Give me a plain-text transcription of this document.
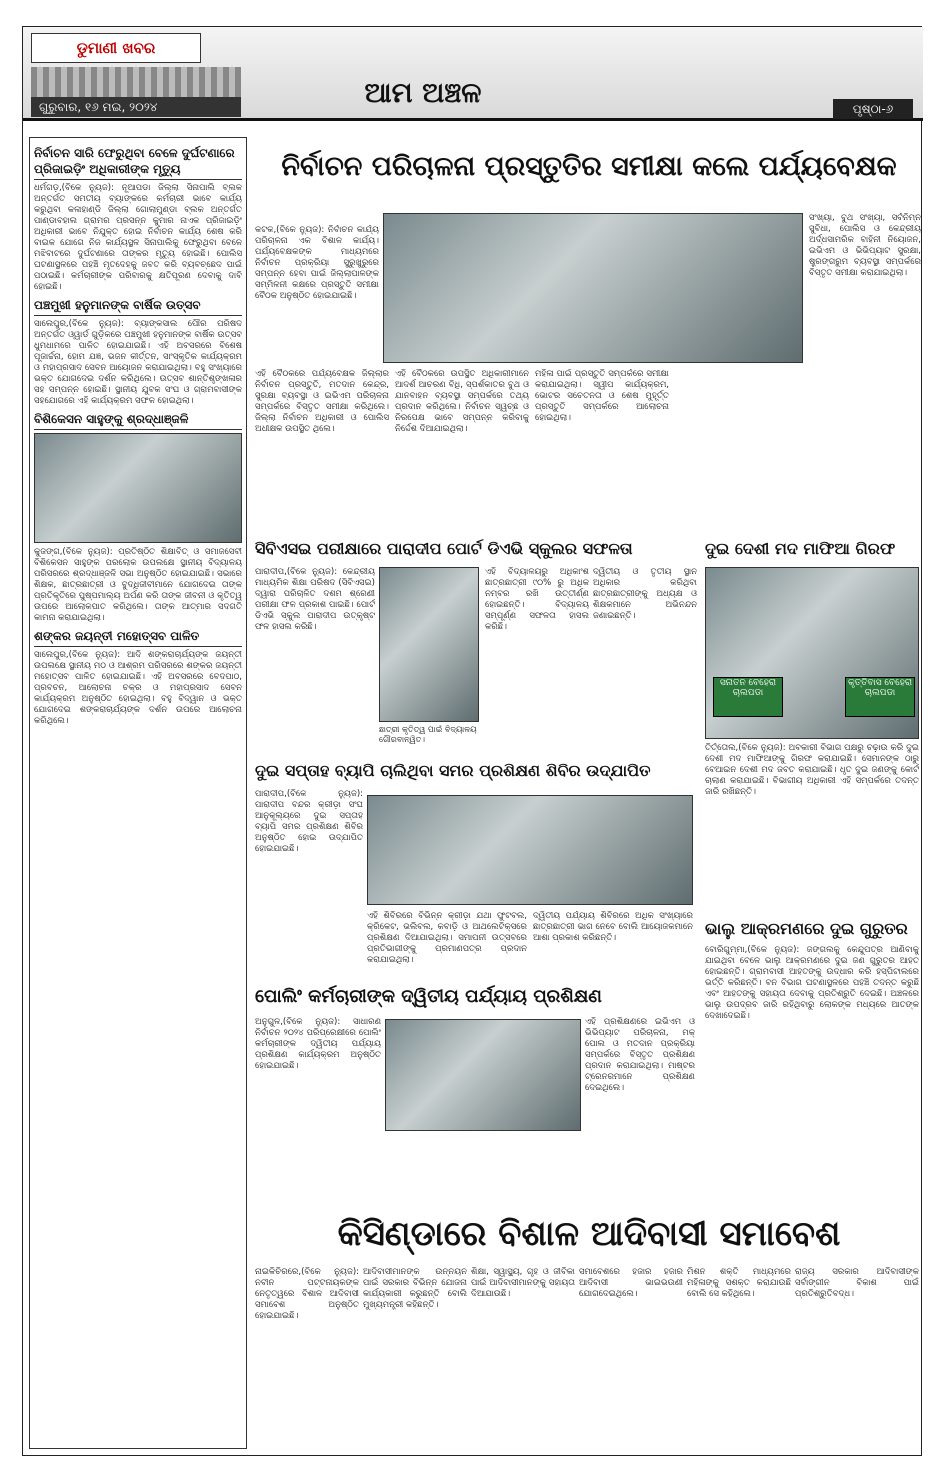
ଡୁମାଣୀ ଖବର
ଗୁରୁବାର, ୧୬ ମଇ, ୨୦୨୪	ଆମ ଅଞ୍ଚଳ	ପୃଷ୍ଠା-୬
ନିର୍ବାଚନ ସାରି ଫେରୁଥିବା ବେଳେ ଦୁର୍ଘଟଣାରେ ପ୍ରିଜାଇଡ଼ିଂ ଅଧିକାରୀଙ୍କ ମୃତ୍ୟୁ
ଧର୍ମଗଡ଼,(ବିକେ ନ୍ୟୁଜ): ନୂଆପଡା ଜିଲ୍ଲା ସିନାପାଲି ବ୍ଲକ ଅନ୍ତର୍ଗତ ସମତୀୟ ବ୍ୟାଙ୍କରେ କର୍ମଚାରୀ ଭାବେ କାର୍ଯ୍ୟ କରୁଥିବା କଳାହାଣ୍ଡି ଜିଲ୍ଲା ଗୋଲାମୁଣ୍ଡା ବ୍ଲକ ଅନ୍ତର୍ଗତ ପାଣ୍ଡାବହାଲ ଗ୍ରାମର ପ୍ରସନ୍ନ କୁମାର ନାଏକ ପ୍ରିଜାଇଡ଼ିଂ ଅଧିକାରୀ ଭାବେ ନିଯୁକ୍ତ ହୋଇ ନିର୍ବାଚନ କାର୍ଯ୍ୟ ଶେଷ କରି ବାଇକ ଯୋଗେ ନିଜ କାର୍ଯ୍ୟସ୍ଥଳ ସିନାପାଲିକୁ ଫେରୁଥିବା ବେଳେ ମଝିବାଟରେ ଦୁର୍ଘଟଣାରେ ତାଙ୍କର ମୃତ୍ୟୁ ହୋଇଛି। ପୋଲିସ ଘଟଣାସ୍ଥଳରେ ପହଞ୍ଚି ମୃତଦେହକୁ ଜବତ କରି ବ୍ୟବଚ୍ଛେଦ ପାଇଁ ପଠାଇଛି। କର୍ମଚାରୀଙ୍କ ପରିବାରକୁ କ୍ଷତିପୂରଣ ଦେବାକୁ ଦାବି ହୋଇଛି।
ପଞ୍ଚମୁଖୀ ହନୁମାନଙ୍କ ବାର୍ଷିକ ଉତ୍ସବ
ସାଲେପୁର,(ବିକେ ନ୍ୟୁଜ): ବ୍ୟାଙ୍କସାଲ ପୌର ପରିଷଦ ଅନ୍ତର୍ଗତ ଓ୍ୱାର୍ଡ ଗୁଡ଼ିକରେ ପଞ୍ଚମୁଖୀ ହନୁମାନଙ୍କ ବାର୍ଷିକ ଉତ୍ସବ ଧୁମଧାମରେ ପାଳିତ ହୋଇଯାଇଛି। ଏହି ଅବସରରେ ବିଶେଷ ପୂଜାର୍ଚ୍ଚନା, ହୋମ ଯଜ୍ଞ, ଭଜନ କୀର୍ତ୍ତନ, ସାଂସ୍କୃତିକ କାର୍ଯ୍ୟକ୍ରମ ଓ ମହାପ୍ରସାଦ ସେବନ ଆୟୋଜନ କରାଯାଇଥିଲା। ବହୁ ସଂଖ୍ୟାରେ ଭକ୍ତ ଯୋଗଦେଇ ଦର୍ଶନ କରିଥିଲେ। ଉତ୍ସବ ଶାନ୍ତିଶୃଙ୍ଖଳାର ସହ ସମ୍ପନ୍ନ ହୋଇଛି। ସ୍ଥାନୀୟ ଯୁବକ ସଂଘ ଓ ଗ୍ରାମବାସୀଙ୍କ ସହଯୋଗରେ ଏହି କାର୍ଯ୍ୟକ୍ରମ ସଫଳ ହୋଇଥିଲା।
ବିଶିକେସନ ସାହୁଙ୍କୁ ଶ୍ରଦ୍ଧାଞ୍ଜଳି
କୁଜଙ୍ଗ,(ବିକେ ନ୍ୟୁଜ): ପ୍ରତିଷ୍ଠିତ ଶିକ୍ଷାବିତ୍ ଓ ସମାଜସେବୀ ବିଶିକେସନ ସାହୁଙ୍କ ପରଲୋକ ଉପଲକ୍ଷେ ସ୍ଥାନୀୟ ବିଦ୍ୟାଳୟ ପରିସରରେ ଶ୍ରଦ୍ଧାଞ୍ଜଳି ସଭା ଅନୁଷ୍ଠିତ ହୋଇଯାଇଛି। ସଭାରେ ଶିକ୍ଷକ, ଛାତ୍ରଛାତ୍ରୀ ଓ ବୁଦ୍ଧିଜୀବୀମାନେ ଯୋଗଦେଇ ତାଙ୍କ ପ୍ରତିକୃତିରେ ପୁଷ୍ପମାଲ୍ୟ ଅର୍ପଣ କରି ତାଙ୍କ ଜୀବନୀ ଓ କୃତିତ୍ୱ ଉପରେ ଆଲୋକପାତ କରିଥିଲେ। ତାଙ୍କ ଆତ୍ମାର ସଦଗତି କାମନା କରାଯାଇଥିଲା।
ଶଙ୍କର ଜୟନ୍ତୀ ମହୋତ୍ସବ ପାଳିତ
ସାଲେପୁର,(ବିକେ ନ୍ୟୁଜ): ଆଦି ଶଙ୍କରାଚାର୍ଯ୍ୟଙ୍କ ଜୟନ୍ତୀ ଉପଲକ୍ଷେ ସ୍ଥାନୀୟ ମଠ ଓ ଆଶ୍ରମ ପରିସରରେ ଶଙ୍କର ଜୟନ୍ତୀ ମହୋତ୍ସବ ପାଳିତ ହୋଇଯାଇଛି। ଏହି ଅବସରରେ ବେଦପାଠ, ପ୍ରବଚନ, ଆଲୋଚନା ଚକ୍ର ଓ ମହାପ୍ରସାଦ ସେବନ କାର୍ଯ୍ୟକ୍ରମ ଅନୁଷ୍ଠିତ ହୋଇଥିଲା। ବହୁ ବିଦ୍ୱାନ ଓ ଭକ୍ତ ଯୋଗଦେଇ ଶଙ୍କରାଚାର୍ଯ୍ୟଙ୍କ ଦର୍ଶନ ଉପରେ ଆଲୋଚନା କରିଥିଲେ।
ନିର୍ବାଚନ ପରିଚାଳନା ପ୍ରସ୍ତୁତିର ସମୀକ୍ଷା କଲେ ପର୍ଯ୍ୟବେକ୍ଷକ
କଟକ,(ବିକେ ନ୍ୟୁଜ): ନିର୍ବାଚନ କାର୍ଯ୍ୟ ପରିଚାଳନା ଏକ ବିଶାଳ କାର୍ଯ୍ୟ। ପର୍ଯ୍ୟବେକ୍ଷକଙ୍କ ମାଧ୍ୟମରେ ନିର୍ବାଚନ ପ୍ରକ୍ରିୟା ସୁରୁଖୁରୁରେ ସମ୍ପନ୍ନ ହେବା ପାଇଁ ଜିଲ୍ଲାପାଳଙ୍କ ସମ୍ମିଳନୀ କକ୍ଷରେ ପ୍ରସ୍ତୁତି ସମୀକ୍ଷା ବୈଠକ ଅନୁଷ୍ଠିତ ହୋଇଯାଇଛି।
ସଂଖ୍ୟା, ବୁଥ ସଂଖ୍ୟା, ସର୍ବନିମ୍ନ ସୁବିଧା, ପୋଲିସ ଓ କେନ୍ଦ୍ରୀୟ ଅର୍ଦ୍ଧସାମରିକ ବାହିନୀ ନିୟୋଜନ, ଇଭିଏମ ଓ ଭିଭିପ୍ୟାଟ ସୁରକ୍ଷା, ଷ୍ଟ୍ରଙ୍ଗରୁମ ବ୍ୟବସ୍ଥା ସମ୍ପର୍କରେ ବିସ୍ତୃତ ସମୀକ୍ଷା କରାଯାଇଥିଲା।
ଏହି ବୈଠକରେ ପର୍ଯ୍ୟବେକ୍ଷକ ଜିଲ୍ଲାର ନିର୍ବାଚନ ପ୍ରସ୍ତୁତି, ମତଦାନ କେନ୍ଦ୍ର, ସୁରକ୍ଷା ବ୍ୟବସ୍ଥା ଓ ଇଭିଏମ ପରିଚାଳନା ସମ୍ପର୍କରେ ବିସ୍ତୃତ ସମୀକ୍ଷା କରିଥିଲେ। ଜିଲ୍ଲା ନିର୍ବାଚନ ଅଧିକାରୀ ଓ ପୋଲିସ ଅଧୀକ୍ଷକ ଉପସ୍ଥିତ ଥିଲେ।
ଏହି ବୈଠକରେ ଉପସ୍ଥିତ ଅଧିକାରୀମାନେ ଆଦର୍ଶ ଆଚରଣ ବିଧି, ସ୍ପର୍ଶକାତର ବୁଥ ଓ ଯାନବାହନ ବ୍ୟବସ୍ଥା ସମ୍ପର୍କରେ ତଥ୍ୟ ପ୍ରଦାନ କରିଥିଲେ। ନିର୍ବାଚନ ସ୍ୱଚ୍ଛ ଓ ନିରପେକ୍ଷ ଭାବେ ସମ୍ପନ୍ନ କରିବାକୁ ନିର୍ଦ୍ଦେଶ ଦିଆଯାଇଥିଲା।
ମହିଳା ପାଇଁ ପ୍ରସ୍ତୁତି ସମ୍ପର୍କରେ ସମୀକ୍ଷା କରାଯାଇଥିଲା। ସ୍ୱୀପ କାର୍ଯ୍ୟକ୍ରମ, ଭୋଟର ସଚେତନତା ଓ ଶେଷ ମୁହୂର୍ତ୍ତ ପ୍ରସ୍ତୁତି ସମ୍ପର୍କରେ ଆଲୋଚନା ହୋଇଥିଲା।
ସିବିଏସଇ ପରୀକ୍ଷାରେ ପାରାଦୀପ ପୋର୍ଟ ଡିଏଭି ସ୍କୁଲର ସଫଳତା
ପାରାଦୀପ,(ବିକେ ନ୍ୟୁଜ): କେନ୍ଦ୍ରୀୟ ମାଧ୍ୟମିକ ଶିକ୍ଷା ପରିଷଦ (ସିବିଏସଇ) ଦ୍ୱାରା ପରିଚାଳିତ ଦଶମ ଶ୍ରେଣୀ ପରୀକ୍ଷା ଫଳ ପ୍ରକାଶ ପାଇଛି। ପୋର୍ଟ ଡିଏଭି ସ୍କୁଲ ପାରାଦୀପ ଉତ୍କୃଷ୍ଟ ଫଳ ହାସଲ କରିଛି।
ଛାତ୍ରୀ କୃତିତ୍ୱ ପାଇଁ ବିଦ୍ୟାଳୟ ଗୌରବାନ୍ୱିତ।
ଏହି ବିଦ୍ୟାଳୟରୁ ଅଧିକାଂଶ ଛାତ୍ରଛାତ୍ରୀ ୯୦% ରୁ ଅଧିକ ନମ୍ବର ରଖି ଉତ୍ତୀର୍ଣ୍ଣ ହୋଇଛନ୍ତି। ବିଦ୍ୟାଳୟ ସମ୍ପୂର୍ଣ୍ଣ ସଫଳତା ହାସଲ କରିଛି।
ଦ୍ୱିତୀୟ ଓ ତୃତୀୟ ସ୍ଥାନ ଅଧିକାର କରିଥିବା ଛାତ୍ରଛାତ୍ରୀଙ୍କୁ ଅଧ୍ୟକ୍ଷ ଓ ଶିକ୍ଷକମାନେ ଅଭିନନ୍ଦନ ଜଣାଇଛନ୍ତି।
ଦୁଇ ଦେଶୀ ମଦ ମାଫିଆ ଗିରଫ
ସନାତନ ବେହେରା ଚାଲପଡା
କୃତ୍ତିବାସ ବେହେରା ଚାଲପଡା
ତିର୍ତ୍ତୋଲ,(ବିକେ ନ୍ୟୁଜ): ଅବକାରୀ ବିଭାଗ ପକ୍ଷରୁ ଚଢ଼ାଉ କରି ଦୁଇ ଦେଶୀ ମଦ ମାଫିଆଙ୍କୁ ଗିରଫ କରାଯାଇଛି। ସେମାନଙ୍କ ଠାରୁ ବେଆଇନ ଦେଶୀ ମଦ ଜବତ କରାଯାଇଛି। ଧୃତ ଦୁଇ ଜଣଙ୍କୁ କୋର୍ଟ ଚାଲାଣ କରାଯାଇଛି। ବିଭାଗୀୟ ଅଧିକାରୀ ଏହି ସମ୍ପର୍କରେ ତଦନ୍ତ ଜାରି ରଖିଛନ୍ତି।
ଦୁଇ ସପ୍ତାହ ବ୍ୟାପି ଚାଲିଥିବା ସମର ପ୍ରଶିକ୍ଷଣ ଶିବିର ଉଦ୍‌ଯାପିତ
ପାରାଦୀପ,(ବିକେ ନ୍ୟୁଜ): ପାରାଦୀପ ବନ୍ଦର କ୍ରୀଡ଼ା ସଂଘ ଆନୁକୂଲ୍ୟରେ ଦୁଇ ସପ୍ତାହ ବ୍ୟାପି ସମର ପ୍ରଶିକ୍ଷଣ ଶିବିର ଅନୁଷ୍ଠିତ ହୋଇ ଉଦ୍‌ଯାପିତ ହୋଇଯାଇଛି।
ଏହି ଶିବିରରେ ବିଭିନ୍ନ କ୍ରୀଡ଼ା ଯଥା ଫୁଟବଲ, କ୍ରିକେଟ, ଭଲିବଲ, କବାଡ଼ି ଓ ଆଥଲେଟିକ୍ସରେ ପ୍ରଶିକ୍ଷଣ ଦିଆଯାଇଥିଲା। ସମାପନୀ ଉତ୍ସବରେ ପ୍ରତିଭାଗୀଙ୍କୁ ପ୍ରମାଣପତ୍ର ପ୍ରଦାନ କରାଯାଇଥିଲା।
ଦ୍ୱିତୀୟ ପର୍ଯ୍ୟାୟ ଶିବିରରେ ଅଧିକ ସଂଖ୍ୟାରେ ଛାତ୍ରଛାତ୍ରୀ ଭାଗ ନେବେ ବୋଲି ଆୟୋଜକମାନେ ଆଶା ପ୍ରକାଶ କରିଛନ୍ତି।	ଭାଲୁ ଆକ୍ରମଣରେ ଦୁଇ ଗୁରୁତର
ବୋରିଗୁମ୍ମା,(ବିକେ ନ୍ୟୁଜ): ଜଙ୍ଗଲକୁ କେନ୍ଦୁପତ୍ର ଆଣିବାକୁ ଯାଇଥିବା ବେଳେ ଭାଲୁ ଆକ୍ରମଣରେ ଦୁଇ ଜଣ ଗୁରୁତର ଆହତ ହୋଇଛନ୍ତି। ଗ୍ରାମବାସୀ ଆହତଙ୍କୁ ଉଦ୍ଧାର କରି ହସ୍ପିଟାଲରେ ଭର୍ତ୍ତି କରିଛନ୍ତି। ବନ ବିଭାଗ ଘଟଣାସ୍ଥଳରେ ପହଞ୍ଚି ତଦନ୍ତ କରୁଛି ଏବଂ ଆହତଙ୍କୁ ସହାୟତା ଦେବାକୁ ପ୍ରତିଶ୍ରୁତି ଦେଇଛି। ଅଞ୍ଚଳରେ ଭାଲୁ ଉପଦ୍ରବ ଜାରି ରହିଥିବାରୁ ଲୋକଙ୍କ ମଧ୍ୟରେ ଆତଙ୍କ ଦେଖାଦେଇଛି।
ପୋଲିଂ କର୍ମଚାରୀଙ୍କ ଦ୍ୱିତୀୟ ପର୍ଯ୍ୟାୟ ପ୍ରଶିକ୍ଷଣ
ଅନୁଗୁଳ,(ବିକେ ନ୍ୟୁଜ): ସାଧାରଣ ନିର୍ବାଚନ ୨୦୨୪ ପରିପ୍ରେକ୍ଷୀରେ ପୋଲିଂ କର୍ମଚାରୀଙ୍କ ଦ୍ୱିତୀୟ ପର୍ଯ୍ୟାୟ ପ୍ରଶିକ୍ଷଣ କାର୍ଯ୍ୟକ୍ରମ ଅନୁଷ୍ଠିତ ହୋଇଯାଇଛି।
ଏହି ପ୍ରଶିକ୍ଷଣରେ ଇଭିଏମ ଓ ଭିଭିପ୍ୟାଟ ପରିଚାଳନା, ମକ୍ ପୋଲ ଓ ମତଦାନ ପ୍ରକ୍ରିୟା ସମ୍ପର୍କରେ ବିସ୍ତୃତ ପ୍ରଶିକ୍ଷଣ ପ୍ରଦାନ କରାଯାଇଥିଲା। ମାଷ୍ଟର ଟ୍ରେନରମାନେ ପ୍ରଶିକ୍ଷଣ ଦେଇଥିଲେ।
କିସିଣ୍ଡାରେ ବିଶାଳ ଆଦିବାସୀ ସମାବେଶ
ନାଇକିଚିରରେ,(ବିକେ ନ୍ୟୁଜ): ନବୀନ ପଟ୍ଟନାୟକଙ୍କ ନେତୃତ୍ୱରେ ବିଶାଳ ଆଦିବାସୀ ସମାବେଶ ଅନୁଷ୍ଠିତ ହୋଇଯାଇଛି।
ଆଦିବାସୀମାନଙ୍କ ଉନ୍ନୟନ ପାଇଁ ସରକାର ବିଭିନ୍ନ ଯୋଜନା କାର୍ଯ୍ୟକାରୀ କରୁଛନ୍ତି ବୋଲି ମୁଖ୍ୟମନ୍ତ୍ରୀ କହିଛନ୍ତି।
ଶିକ୍ଷା, ସ୍ୱାସ୍ଥ୍ୟ, ଗୃହ ଓ ଜୀବିକା ପାଇଁ ଆଦିବାସୀମାନଙ୍କୁ ସହାୟତା ଦିଆଯାଉଛି।
ସମାବେଶରେ ହଜାର ହଜାର ଆଦିବାସୀ ଭାଇଭଉଣୀ ଯୋଗଦେଇଥିଲେ।
ମିଶନ ଶକ୍ତି ମାଧ୍ୟମରେ ମହିଳାଙ୍କୁ ସଶକ୍ତ କରାଯାଉଛି ବୋଲି ସେ କହିଥିଲେ।
ରାଜ୍ୟ ସରକାର ଆଦିବାସୀଙ୍କ ସର୍ବାଙ୍ଗୀନ ବିକାଶ ପାଇଁ ପ୍ରତିଶ୍ରୁତିବଦ୍ଧ।
